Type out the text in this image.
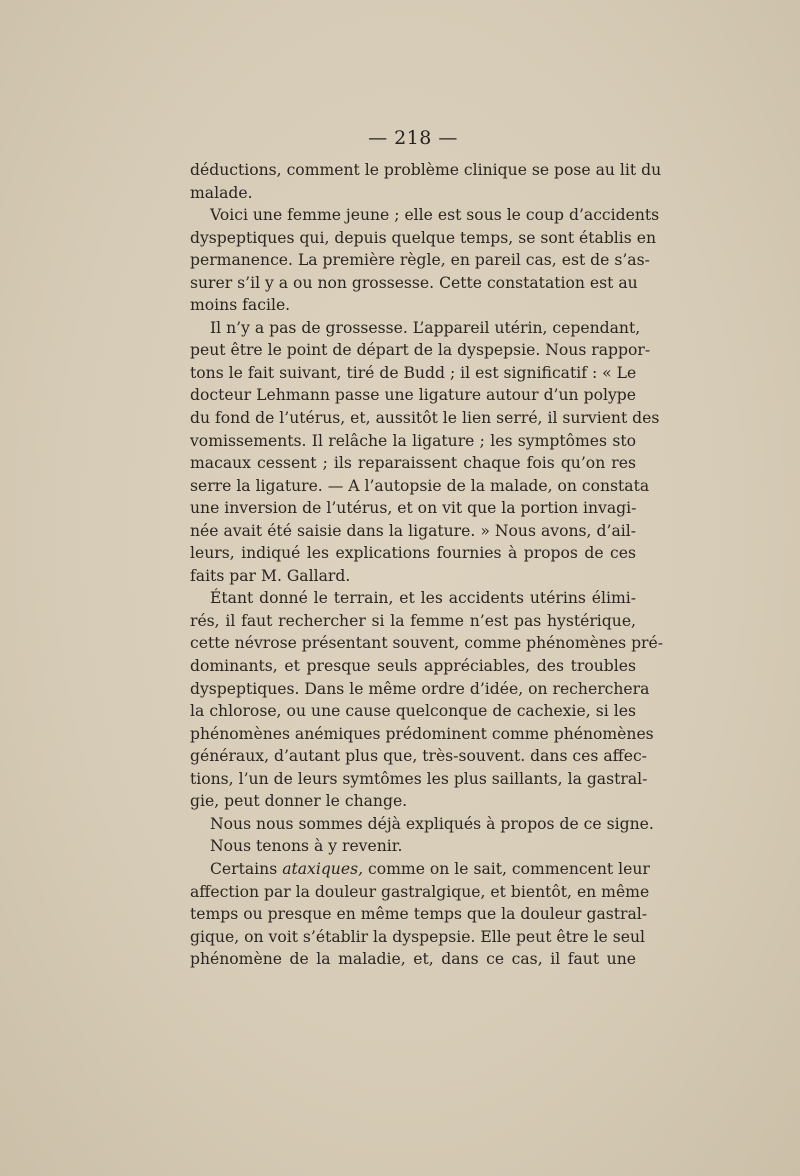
— 218 —
déductions, comment le problème clinique se pose au lit du
malade.
Voici une femme jeune ; elle est sous le coup d’accidents
dyspeptiques qui, depuis quelque temps, se sont établis en
permanence. La première règle, en pareil cas, est de s’as-
surer s’il y a ou non grossesse. Cette constatation est au
moins facile.
Il n’y a pas de grossesse. L’appareil utérin, cependant,
peut être le point de départ de la dyspepsie. Nous rappor-
tons le fait suivant, tiré de Budd ; il est significatif : « Le
docteur Lehmann passe une ligature autour d’un polype
du fond de l’utérus, et, aussitôt le lien serré, il survient des
vomissements. Il relâche la ligature ; les symptômes sto
macaux cessent ; ils reparaissent chaque fois qu’on res
serre la ligature. — A l’autopsie de la malade, on constata
une inversion de l’utérus, et on vit que la portion invagi-
née avait été saisie dans la ligature. » Nous avons, d’ail-
leurs, indiqué les explications fournies à propos de ces
faits par M. Gallard.
Étant donné le terrain, et les accidents utérins élimi-
rés, il faut rechercher si la femme n’est pas hystérique,
cette névrose présentant souvent, comme phénomènes pré-
dominants, et presque seuls appréciables, des troubles
dyspeptiques. Dans le même ordre d’idée, on recherchera
la chlorose, ou une cause quelconque de cachexie, si les
phénomènes anémiques prédominent comme phénomènes
généraux, d’autant plus que, très-souvent. dans ces affec-
tions, l’un de leurs symtômes les plus saillants, la gastral-
gie, peut donner le change.
Nous nous sommes déjà expliqués à propos de ce signe.
Nous tenons à y revenir.
Certains ataxiques, comme on le sait, commencent leur
affection par la douleur gastralgique, et bientôt, en même
temps ou presque en même temps que la douleur gastral-
gique, on voit s’établir la dyspepsie. Elle peut être le seul
phénomène de la maladie, et, dans ce cas, il faut une
